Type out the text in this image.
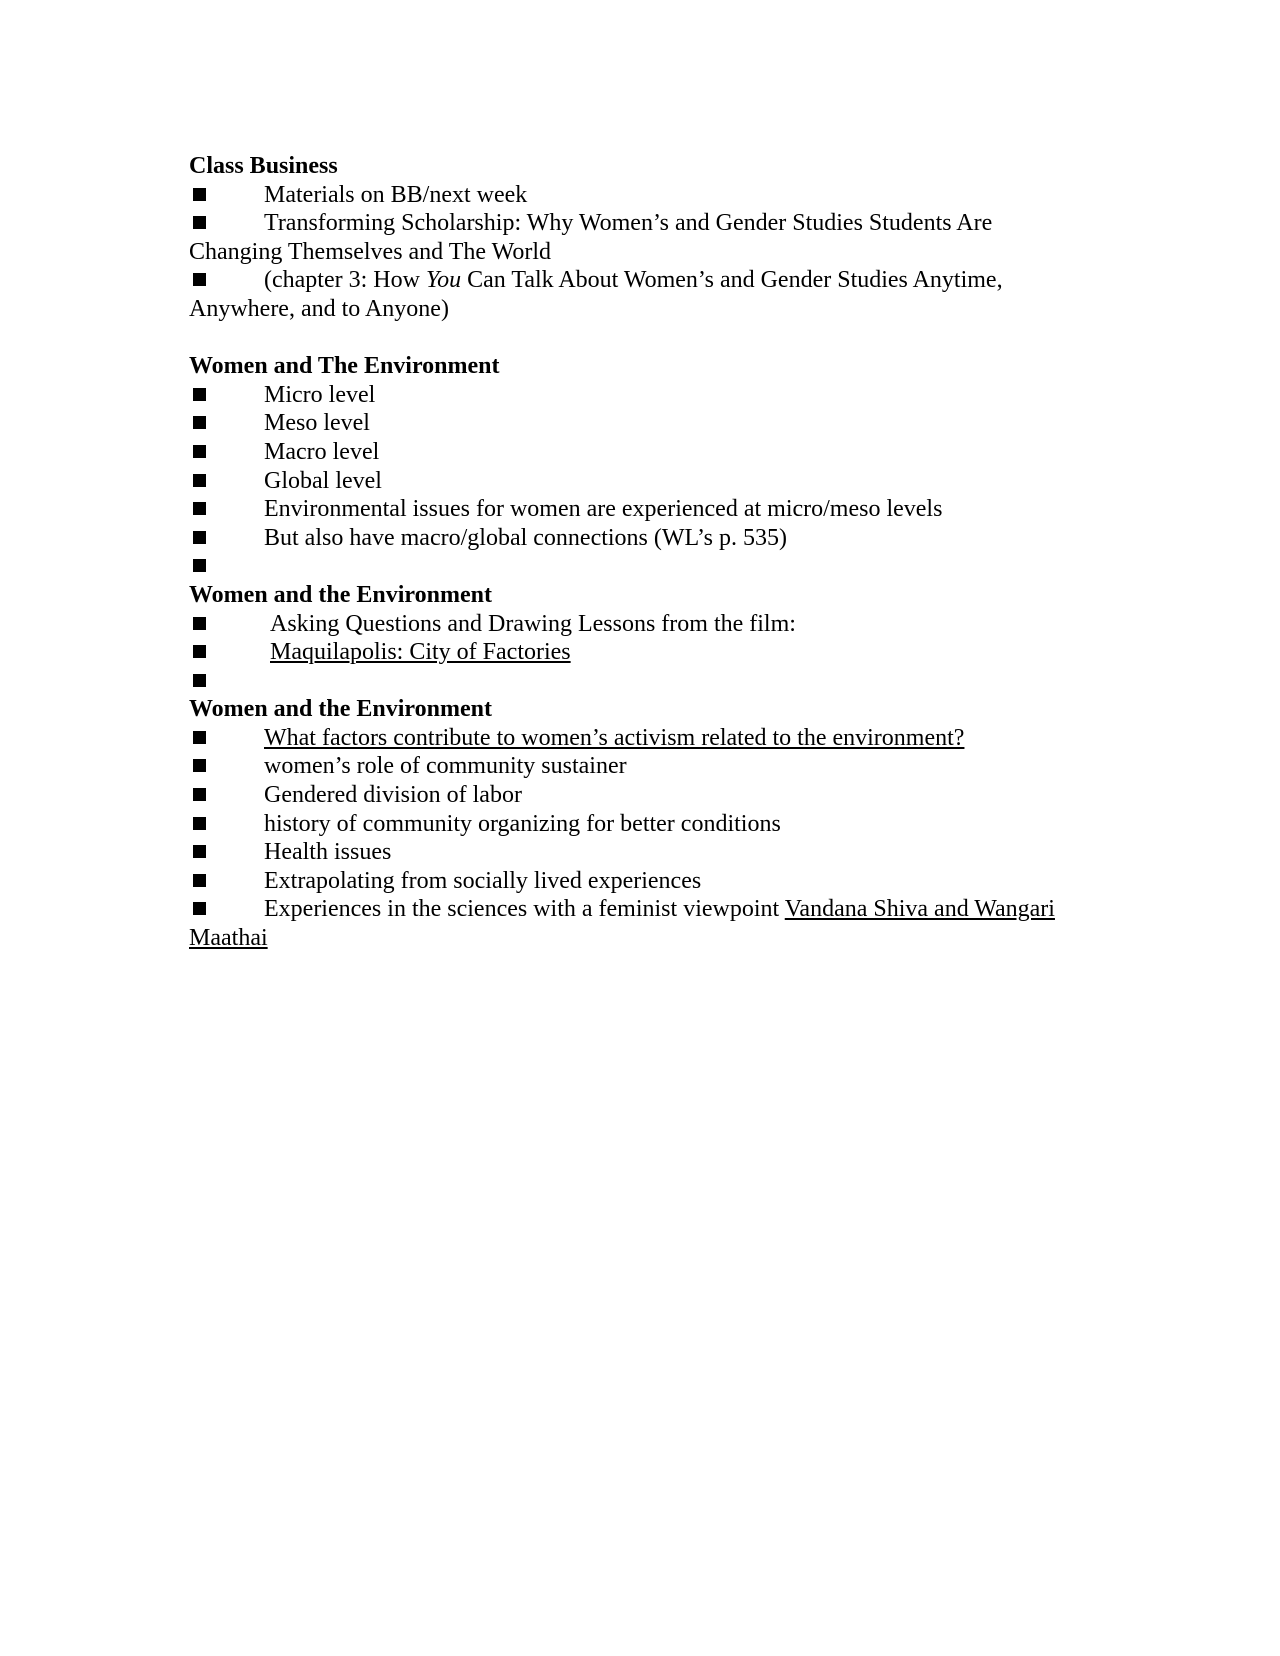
Class Business

Materials on BB/next week

Transforming Scholarship: Why Women’s and Gender Studies Students Are Changing Themselves and The World

(chapter 3: How You Can Talk About Women’s and Gender Studies Anytime, Anywhere, and to Anyone)

Women and The Environment

Micro level

Meso level

Macro level

Global level

Environmental issues for women are experienced at micro/meso levels

But also have macro/global connections (WL’s p. 535)

Women and the Environment

Asking Questions and Drawing Lessons from the film:

Maquilapolis: City of Factories

Women and the Environment

What factors contribute to women’s activism related to the environment?

women’s role of community sustainer

Gendered division of labor

history of community organizing for better conditions

Health issues

Extrapolating from socially lived experiences

Experiences in the sciences with a feminist viewpoint Vandana Shiva and Wangari Maathai
